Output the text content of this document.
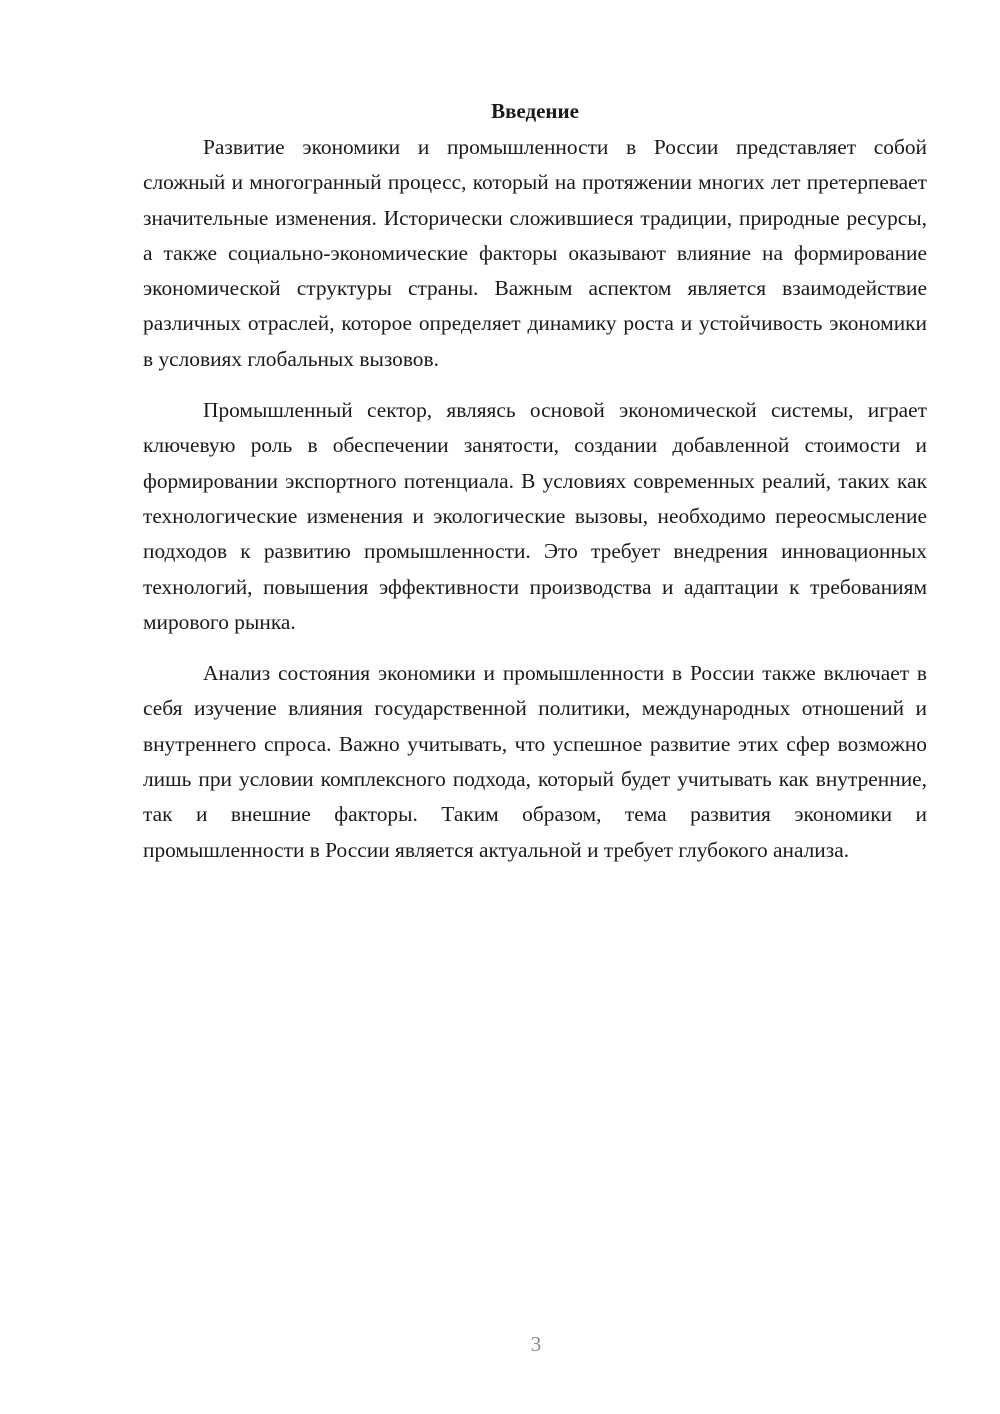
Введение

Развитие экономики и промышленности в России представляет собой сложный и многогранный процесс, который на протяжении многих лет претерпевает значительные изменения. Исторически сложившиеся традиции, природные ресурсы, а также социально-экономические факторы оказывают влияние на формирование экономической структуры страны. Важным аспектом является взаимодействие различных отраслей, которое определяет динамику роста и устойчивость экономики в условиях глобальных вызовов.

Промышленный сектор, являясь основой экономической системы, играет ключевую роль в обеспечении занятости, создании добавленной стоимости и формировании экспортного потенциала. В условиях современных реалий, таких как технологические изменения и экологические вызовы, необходимо переосмысление подходов к развитию промышленности. Это требует внедрения инновационных технологий, повышения эффективности производства и адаптации к требованиям мирового рынка.

Анализ состояния экономики и промышленности в России также включает в себя изучение влияния государственной политики, международных отношений и внутреннего спроса. Важно учитывать, что успешное развитие этих сфер возможно лишь при условии комплексного подхода, который будет учитывать как внутренние, так и внешние факторы. Таким образом, тема развития экономики и промышленности в России является актуальной и требует глубокого анализа.

3
